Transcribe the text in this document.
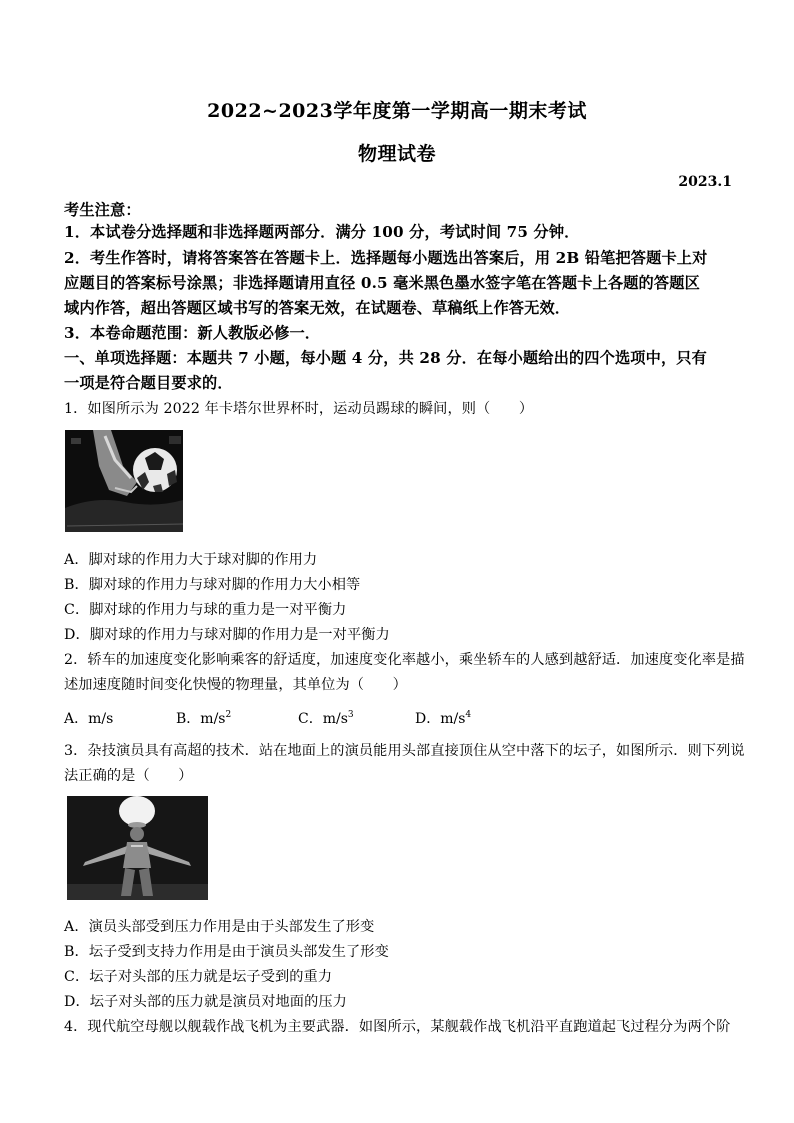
2022~2023学年度第一学期高一期末考试
物理试卷
2023.1
考生注意：
1．本试卷分选择题和非选择题两部分．满分 100 分，考试时间 75 分钟．
2．考生作答时，请将答案答在答题卡上．选择题每小题选出答案后，用 2B 铅笔把答题卡上对
应题目的答案标号涂黑；非选择题请用直径 0.5 毫米黑色墨水签字笔在答题卡上各题的答题区
域内作答，超出答题区域书写的答案无效，在试题卷、草稿纸上作答无效．
3．本卷命题范围：新人教版必修一．
一、单项选择题：本题共 7 小题，每小题 4 分，共 28 分．在每小题给出的四个选项中，只有
一项是符合题目要求的．
1．如图所示为 2022 年卡塔尔世界杯时，运动员踢球的瞬间，则（　　）
A．脚对球的作用力大于球对脚的作用力
B．脚对球的作用力与球对脚的作用力大小相等
C．脚对球的作用力与球的重力是一对平衡力
D．脚对球的作用力与球对脚的作用力是一对平衡力
2．轿车的加速度变化影响乘客的舒适度，加速度变化率越小，乘坐轿车的人感到越舒适．加速度变化率是描
述加速度随时间变化快慢的物理量，其单位为（　　）
A．m/s	B．$m/s^2$	C．$m/s^3$	D．$m/s^4$
3．杂技演员具有高超的技术．站在地面上的演员能用头部直接顶住从空中落下的坛子，如图所示．则下列说
法正确的是（　　）
A．演员头部受到压力作用是由于头部发生了形变
B．坛子受到支持力作用是由于演员头部发生了形变
C．坛子对头部的压力就是坛子受到的重力
D．坛子对头部的压力就是演员对地面的压力
4．现代航空母舰以舰载作战飞机为主要武器．如图所示，某舰载作战飞机沿平直跑道起飞过程分为两个阶
